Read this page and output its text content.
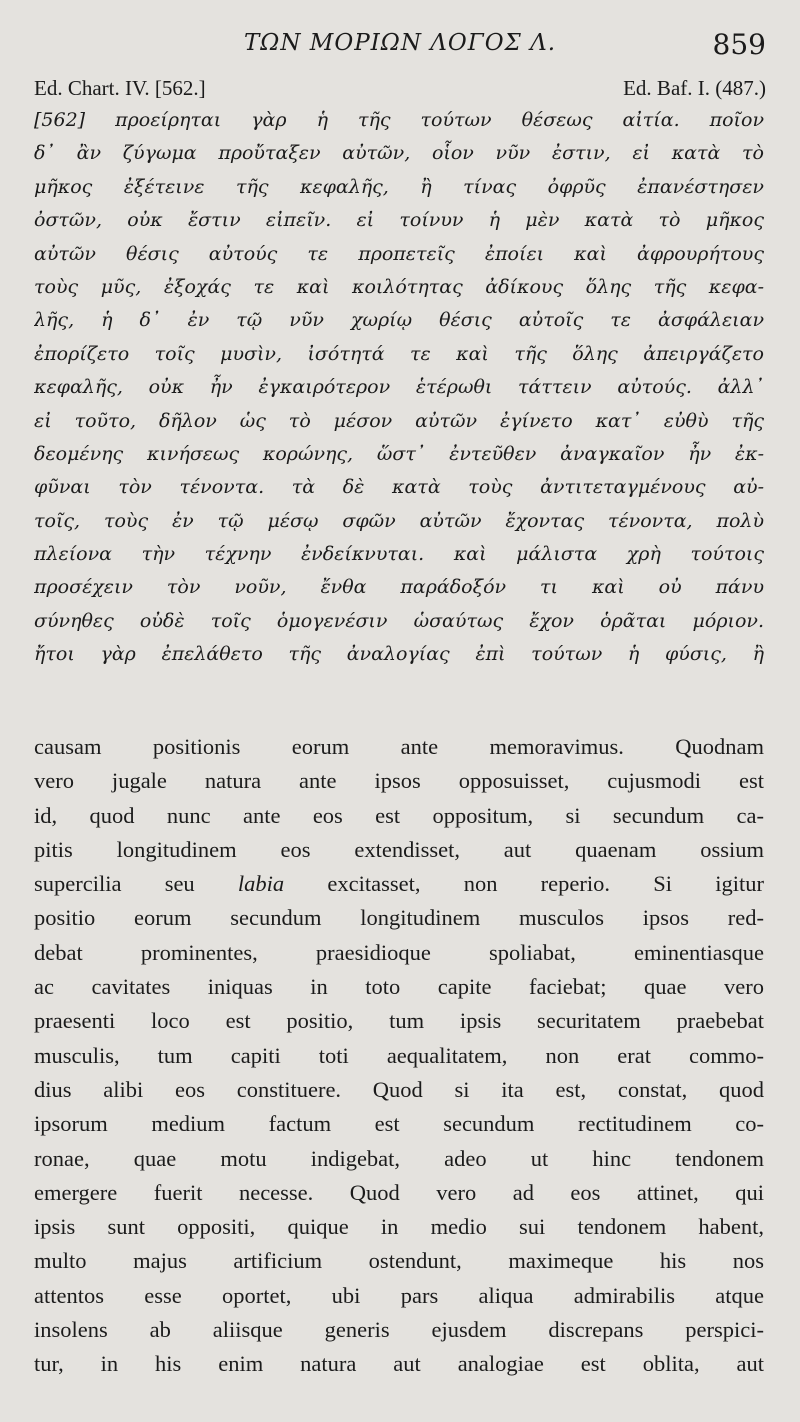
ΤΩΝ ΜΟΡΙΩΝ ΛΟΓΟΣ Λ.	859
Ed. Chart. IV. [562.]	Ed. Baf. I. (487.)
[562] προείρηται γὰρ ἡ τῆς τούτων θέσεως αἰτία. ποῖον
δ᾽ ἂν ζύγωμα προὔταξεν αὐτῶν, οἷον νῦν ἐστιν, εἰ κατὰ τὸ
μῆκος ἐξέτεινε τῆς κεφαλῆς, ἢ τίνας ὀφρῦς ἐπανέστησεν
ὀστῶν, οὐκ ἔστιν εἰπεῖν. εἰ τοίνυν ἡ μὲν κατὰ τὸ μῆκος
αὐτῶν θέσις αὐτούς τε προπετεῖς ἐποίει καὶ ἀφρουρήτους
τοὺς μῦς, ἐξοχάς τε καὶ κοιλότητας ἀδίκους ὅλης τῆς κεφα-
λῆς, ἡ δ᾽ ἐν τῷ νῦν χωρίῳ θέσις αὐτοῖς τε ἀσφάλειαν
ἐπορίζετο τοῖς μυσὶν, ἰσότητά τε καὶ τῆς ὅλης ἀπειργάζετο
κεφαλῆς, οὐκ ἦν ἐγκαιρότερον ἑτέρωθι τάττειν αὐτούς. ἀλλ᾽
εἰ τοῦτο, δῆλον ὡς τὸ μέσον αὐτῶν ἐγίνετο κατ᾽ εὐθὺ τῆς
δεομένης κινήσεως κορώνης, ὥστ᾽ ἐντεῦθεν ἀναγκαῖον ἦν ἐκ-
φῦναι τὸν τένοντα. τὰ δὲ κατὰ τοὺς ἀντιτεταγμένους αὐ-
τοῖς, τοὺς ἐν τῷ μέσῳ σφῶν αὐτῶν ἔχοντας τένοντα, πολὺ
πλείονα τὴν τέχνην ἐνδείκνυται. καὶ μάλιστα χρὴ τούτοις
προσέχειν τὸν νοῦν, ἔνθα παράδοξόν τι καὶ οὐ πάνυ
σύνηθες οὐδὲ τοῖς ὁμογενέσιν ὡσαύτως ἔχον ὁρᾶται μόριον.
ἤτοι γὰρ ἐπελάθετο τῆς ἀναλογίας ἐπὶ τούτων ἡ φύσις, ἢ
causam positionis eorum ante memoravimus. Quodnam
vero jugale natura ante ipsos opposuisset, cujusmodi est
id, quod nunc ante eos est oppositum, si secundum ca-
pitis longitudinem eos extendisset, aut quaenam ossium
supercilia seu labia excitasset, non reperio. Si igitur
positio eorum secundum longitudinem musculos ipsos red-
debat prominentes, praesidioque spoliabat, eminentiasque
ac cavitates iniquas in toto capite faciebat; quae vero
praesenti loco est positio, tum ipsis securitatem praebebat
musculis, tum capiti toti aequalitatem, non erat commo-
dius alibi eos constituere. Quod si ita est, constat, quod
ipsorum medium factum est secundum rectitudinem co-
ronae, quae motu indigebat, adeo ut hinc tendonem
emergere fuerit necesse. Quod vero ad eos attinet, qui
ipsis sunt oppositi, quique in medio sui tendonem habent,
multo majus artificium ostendunt, maximeque his nos
attentos esse oportet, ubi pars aliqua admirabilis atque
insolens ab aliisque generis ejusdem discrepans perspici-
tur, in his enim natura aut analogiae est oblita, aut
